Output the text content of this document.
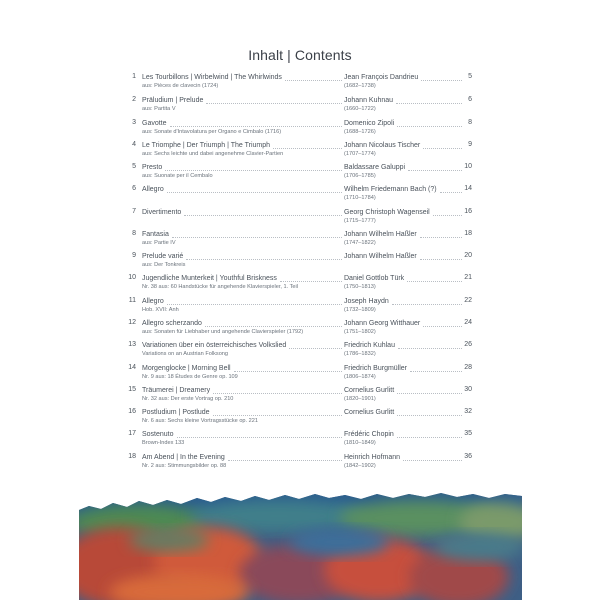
Inhalt | Contents
1 Les Tourbillons | Wirbelwind | The Whirlwinds
aus: Pièces de clavecin (1724)
Jean François Dandrieu
(1682–1738)
5
2 Präludium | Prelude
aus: Partita V
Johann Kuhnau
(1660–1722)
6
3 Gavotte
aus: Sonate d'Intavolatura per Organo e Cimbalo (1716)
Domenico Zipoli
(1688–1726)
8
4 Le Triomphe | Der Triumph | The Triumph
aus: Sechs leichte und dabei angenehme Clavier-Partien
Johann Nicolaus Tischer
(1707–1774)
9
5 Presto
aus: Suonate per il Cembalo
Baldassare Galuppi
(1706–1785)
10
6 Allegro	Wilhelm Friedemann Bach (?)
(1710–1784)
14
7 Divertimento	Georg Christoph Wagenseil
(1715–1777)
16
8 Fantasia
aus: Partie IV
Johann Wilhelm Haßler
(1747–1822)
18
9 Prelude varié
aus: Der Tonkreis
Johann Wilhelm Haßler	20
10 Jugendliche Munterkeit | Youthful Briskness
Nr. 38 aus: 60 Handstücke für angehende Klavierspieler, 1. Teil
Daniel Gottlob Türk
(1750–1813)
21
11 Allegro
Hob. XVII: Anh
Joseph Haydn
(1732–1809)
22
12 Allegro scherzando
aus: Sonaten für Liebhaber und angehende Clavierspieler (1792)
Johann Georg Witthauer
(1751–1802)
24
13 Variationen über ein österreichisches Volkslied
Variations on an Austrian Folksong
Friedrich Kuhlau
(1786–1832)
26
14 Morgenglocke | Morning Bell
Nr. 9 aus: 18 Études de Genre op. 109
Friedrich Burgmüller
(1806–1874)
28
15 Träumerei | Dreamery
Nr. 32 aus: Der erste Vortrag op. 210
Cornelius Gurlitt
(1820–1901)
30
16 Postludium | Postlude
Nr. 6 aus: Sechs kleine Vortragsstücke op. 221
Cornelius Gurlitt	32
17 Sostenuto
Brown-Index 133
Frédéric Chopin
(1810–1849)
35
18 Am Abend | In the Evening
Nr. 2 aus: Stimmungsbilder op. 88
Heinrich Hofmann
(1842–1902)
36
